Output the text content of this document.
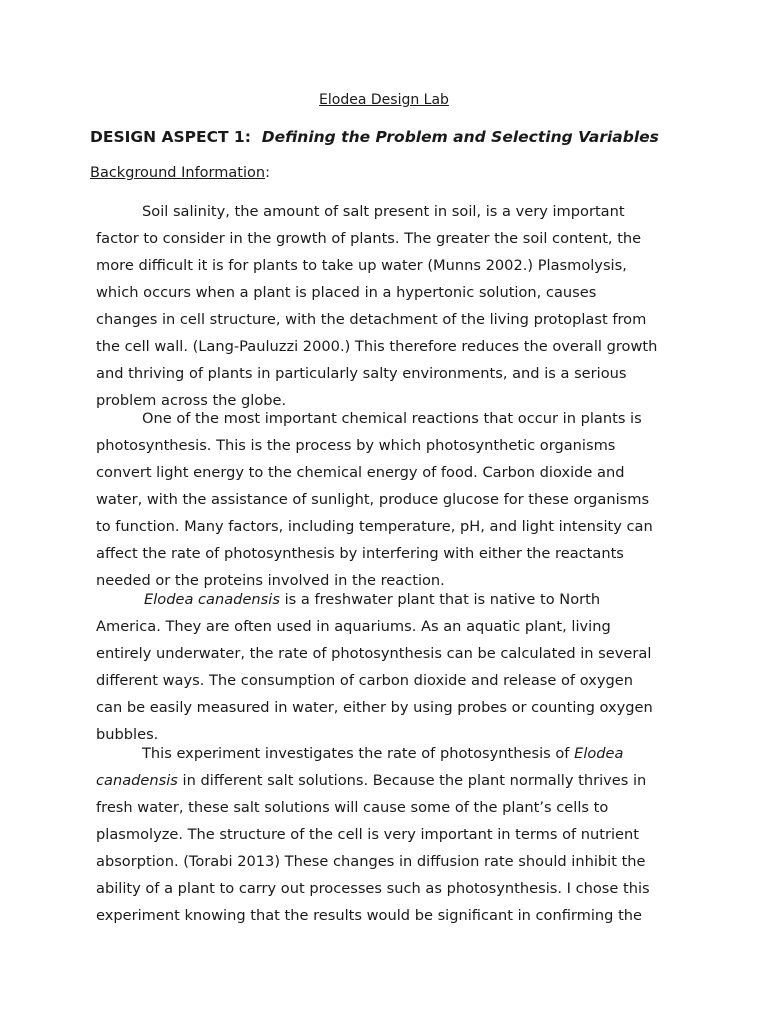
Elodea Design Lab
DESIGN ASPECT 1: Defining the Problem and Selecting Variables
Background Information:

Soil salinity, the amount of salt present in soil, is a very important
factor to consider in the growth of plants. The greater the soil content, the
more difficult it is for plants to take up water (Munns 2002.) Plasmolysis,
which occurs when a plant is placed in a hypertonic solution, causes
changes in cell structure, with the detachment of the living protoplast from
the cell wall. (Lang-Pauluzzi 2000.) This therefore reduces the overall growth
and thriving of plants in particularly salty environments, and is a serious
problem across the globe.

One of the most important chemical reactions that occur in plants is
photosynthesis. This is the process by which photosynthetic organisms
convert light energy to the chemical energy of food. Carbon dioxide and
water, with the assistance of sunlight, produce glucose for these organisms
to function. Many factors, including temperature, pH, and light intensity can
affect the rate of photosynthesis by interfering with either the reactants
needed or the proteins involved in the reaction.

Elodea canadensis is a freshwater plant that is native to North
America. They are often used in aquariums. As an aquatic plant, living
entirely underwater, the rate of photosynthesis can be calculated in several
different ways. The consumption of carbon dioxide and release of oxygen
can be easily measured in water, either by using probes or counting oxygen
bubbles.

This experiment investigates the rate of photosynthesis of Elodea
canadensis in different salt solutions. Because the plant normally thrives in
fresh water, these salt solutions will cause some of the plant’s cells to
plasmolyze. The structure of the cell is very important in terms of nutrient
absorption. (Torabi 2013) These changes in diffusion rate should inhibit the
ability of a plant to carry out processes such as photosynthesis. I chose this
experiment knowing that the results would be significant in confirming the
